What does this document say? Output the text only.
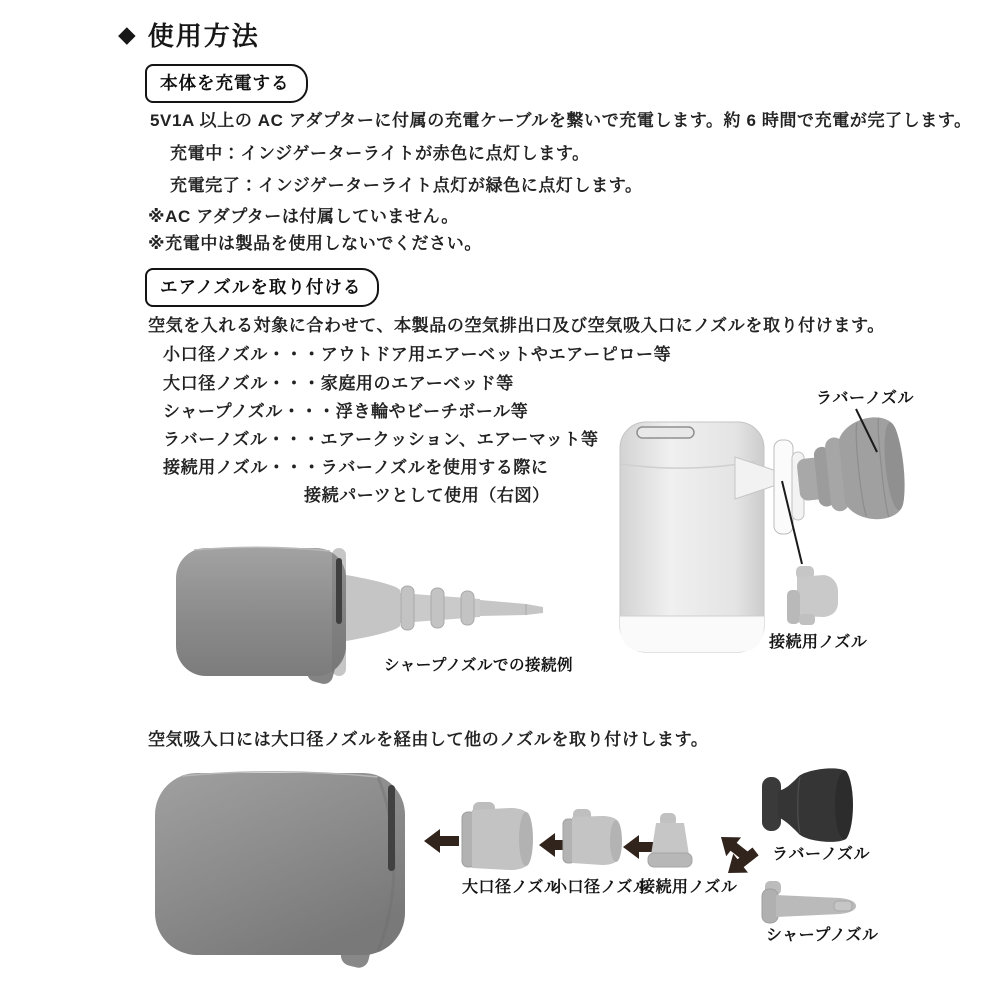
◆ 使用方法
本体を充電する
5V1A 以上の AC アダプターに付属の充電ケーブルを繋いで充電します。約 6 時間で充電が完了します。
充電中：インジゲーターライトが赤色に点灯します。
充電完了：インジゲーターライト点灯が緑色に点灯します。
※AC アダプターは付属していません。
※充電中は製品を使用しないでください。
エアノズルを取り付ける
空気を入れる対象に合わせて、本製品の空気排出口及び空気吸入口にノズルを取り付けます。
小口径ノズル・・・アウトドア用エアーベットやエアーピロー等
大口径ノズル・・・家庭用のエアーベッド等
シャープノズル・・・浮き輪やビーチボール等
ラバーノズル・・・エアークッション、エアーマット等
接続用ノズル・・・ラバーノズルを使用する際に
接続パーツとして使用（右図）
ラバーノズル
接続用ノズル
シャープノズルでの接続例
空気吸入口には大口径ノズルを経由して他のノズルを取り付けします。
大口径ノズル
小口径ノズル
接続用ノズル
ラバーノズル
シャープノズル
